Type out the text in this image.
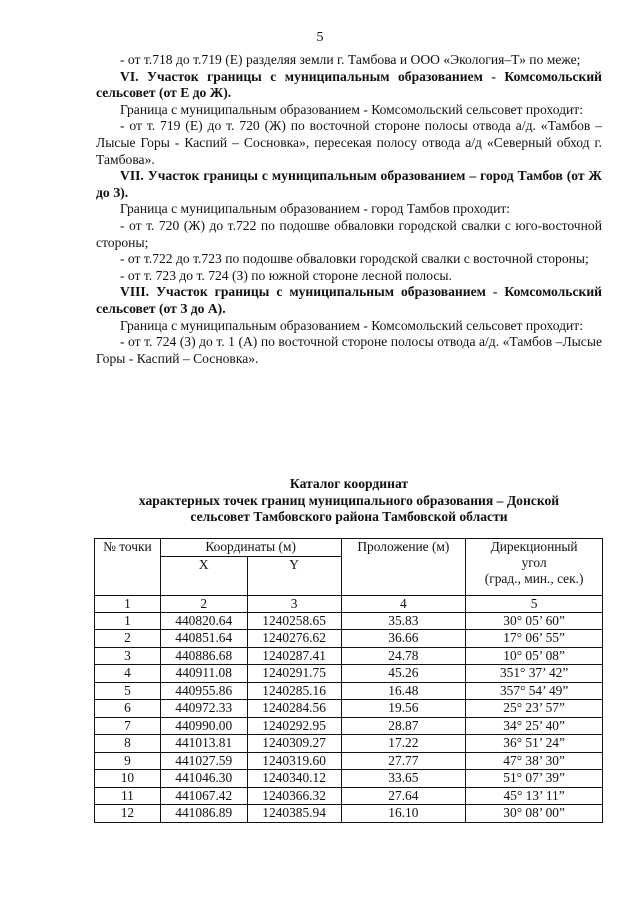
5

- от т.718 до т.719 (Е) разделяя земли г. Тамбова и ООО «Экология–Т» по меже;

VI. Участок границы с муниципальным образованием - Комсомольский сельсовет (от Е до Ж).

Граница с муниципальным образованием - Комсомольский сельсовет проходит:

- от т. 719 (Е) до т. 720 (Ж) по восточной стороне полосы отвода а/д. «Тамбов – Лысые Горы - Каспий – Сосновка», пересекая полосу отвода а/д «Северный обход г. Тамбова».

VII. Участок границы с муниципальным образованием – город Тамбов (от Ж до З).

Граница с муниципальным образованием - город Тамбов проходит:

- от т. 720 (Ж) до т.722 по подошве обваловки городской свалки с юго-восточной стороны;

- от т.722 до т.723 по подошве обваловки городской свалки с восточной стороны;

- от т. 723 до т. 724 (З) по южной стороне лесной полосы.

VIII. Участок границы с муниципальным образованием - Комсомольский сельсовет (от З до А).

Граница с муниципальным образованием - Комсомольский сельсовет проходит:

- от т. 724 (З) до т. 1 (А) по восточной стороне полосы отвода а/д. «Тамбов –Лысые Горы - Каспий – Сосновка».

Каталог координат
характерных точек границ муниципального образования – Донской
сельсовет Тамбовского района Тамбовской области
№ точки	Координаты (м)		Проложение (м)	Дирекционный
угол
(град., мин., сек.)

	X	Y		
1	2	3	4	5
1	440820.64	1240258.65	35.83	30° 05’ 60”
2	440851.64	1240276.62	36.66	17° 06’ 55”
3	440886.68	1240287.41	24.78	10° 05’ 08”
4	440911.08	1240291.75	45.26	351° 37’ 42”
5	440955.86	1240285.16	16.48	357° 54’ 49”
6	440972.33	1240284.56	19.56	25° 23’ 57”
7	440990.00	1240292.95	28.87	34° 25’ 40”
8	441013.81	1240309.27	17.22	36° 51’ 24”
9	441027.59	1240319.60	27.77	47° 38’ 30”
10	441046.30	1240340.12	33.65	51° 07’ 39”
11	441067.42	1240366.32	27.64	45° 13’ 11”
12	441086.89	1240385.94	16.10	30° 08’ 00”
